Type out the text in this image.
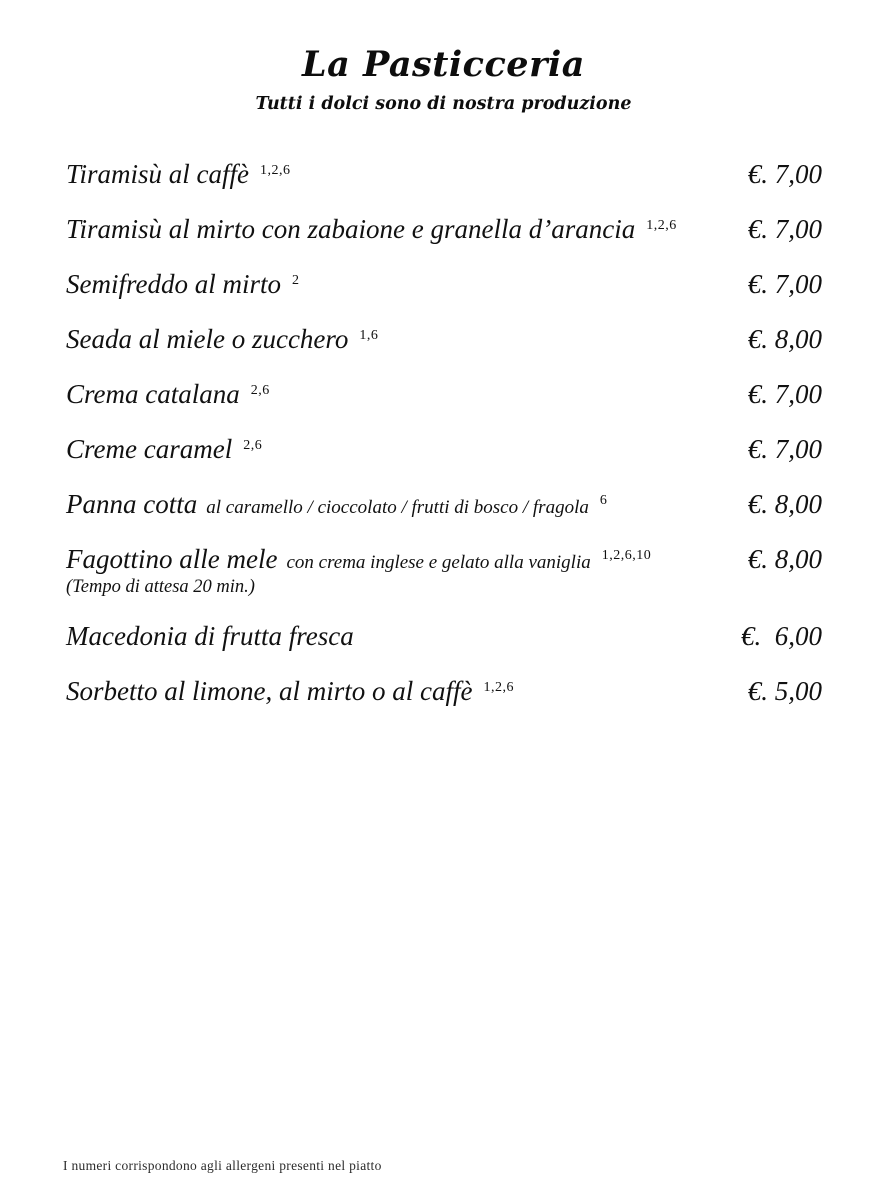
La Pasticceria
Tutti i dolci sono di nostra produzione
Tiramisù al caffè 1,2,6	€. 7,00
Tiramisù al mirto con zabaione e granella d’arancia 1,2,6	€. 7,00
Semifreddo al mirto 2	€. 7,00
Seada al miele o zucchero 1,6	€. 8,00
Crema catalana 2,6	€. 7,00
Creme caramel 2,6	€. 7,00
Panna cotta al caramello / cioccolato / frutti di bosco / fragola 6	€. 8,00
Fagottino alle mele con crema inglese e gelato alla vaniglia 1,2,6,10	€. 8,00
(Tempo di attesa 20 min.)
Macedonia di frutta fresca	€.  6,00
Sorbetto al limone, al mirto o al caffè 1,2,6	€. 5,00
I numeri corrispondono agli allergeni presenti nel piatto
